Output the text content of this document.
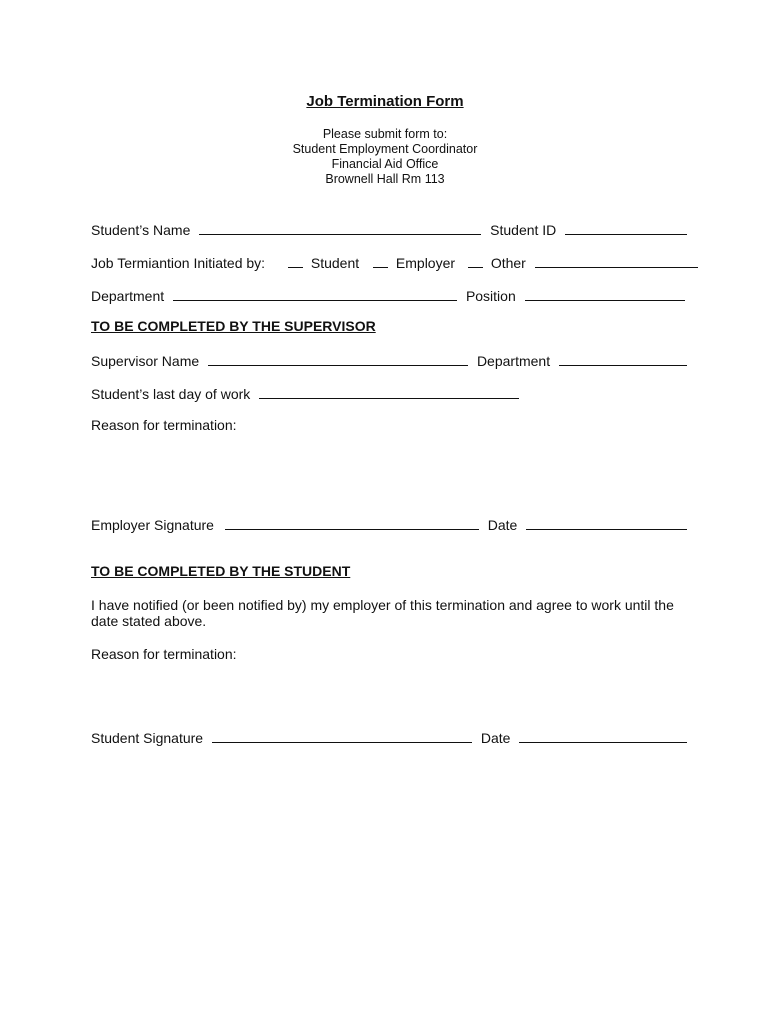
Job Termination Form
Please submit form to:
Student Employment Coordinator
Financial Aid Office
Brownell Hall Rm 113
Student’s Name	Student ID
Job Termiantion Initiated by:	Student	Employer	Other
Department	Position
TO BE COMPLETED BY THE SUPERVISOR
Supervisor Name	Department
Student’s last day of work
Reason for termination:
Employer Signature	Date
TO BE COMPLETED BY THE STUDENT
I have notified (or been notified by) my employer of this termination and agree to work until the date stated above.
Reason for termination:
Student Signature	Date
